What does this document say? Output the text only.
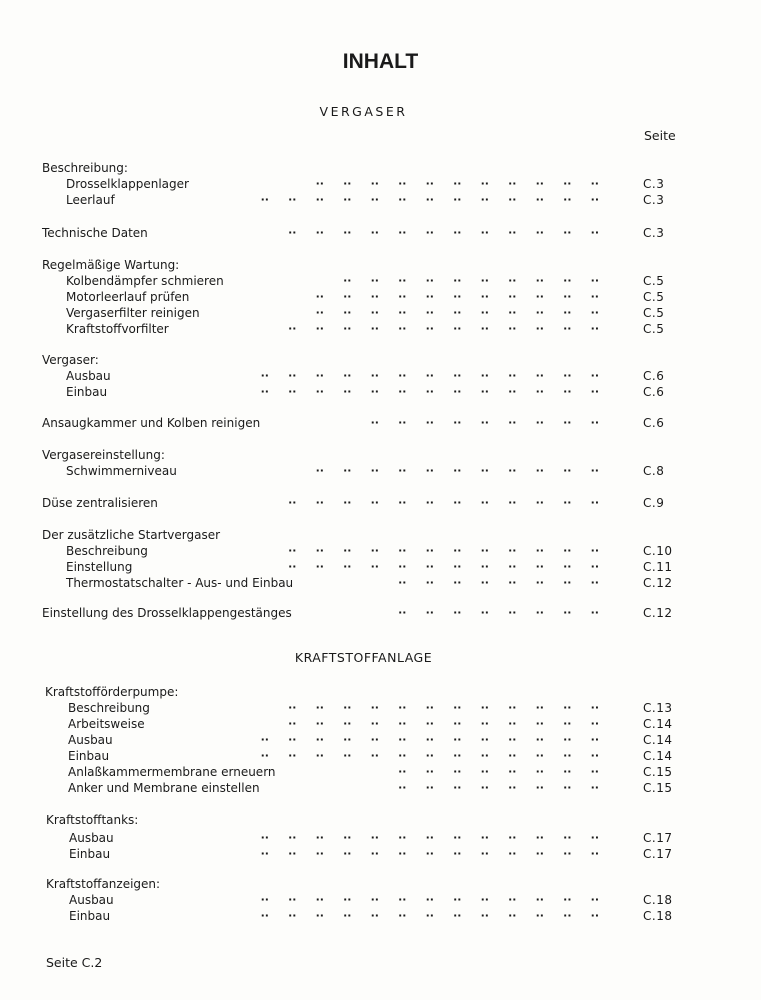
INHALT
VERGASER
Seite
Beschreibung:
Drosselklappenlager	··     ··     ··     ··     ··     ··     ··     ··     ··     ··     ··	C.3
Leerlauf	··     ··     ··     ··     ··     ··     ··     ··     ··     ··     ··     ··     ··	C.3
Technische Daten	··     ··     ··     ··     ··     ··     ··     ··     ··     ··     ··     ··	C.3
Regelmäßige Wartung:
Kolbendämpfer schmieren	··     ··     ··     ··     ··     ··     ··     ··     ··     ··	C.5
Motorleerlauf prüfen	··     ··     ··     ··     ··     ··     ··     ··     ··     ··     ··	C.5
Vergaserfilter reinigen	··     ··     ··     ··     ··     ··     ··     ··     ··     ··     ··	C.5
Kraftstoffvorfilter	··     ··     ··     ··     ··     ··     ··     ··     ··     ··     ··     ··	C.5
Vergaser:
Ausbau	··     ··     ··     ··     ··     ··     ··     ··     ··     ··     ··     ··     ··	C.6
Einbau	··     ··     ··     ··     ··     ··     ··     ··     ··     ··     ··     ··     ··	C.6
Ansaugkammer und Kolben reinigen	··     ··     ··     ··     ··     ··     ··     ··     ··	C.6
Vergasereinstellung:
Schwimmerniveau	··     ··     ··     ··     ··     ··     ··     ··     ··     ··     ··	C.8
Düse zentralisieren	··     ··     ··     ··     ··     ··     ··     ··     ··     ··     ··     ··	C.9
Der zusätzliche Startvergaser
Beschreibung	··     ··     ··     ··     ··     ··     ··     ··     ··     ··     ··     ··	C.10
Einstellung	··     ··     ··     ··     ··     ··     ··     ··     ··     ··     ··     ··	C.11
Thermostatschalter - Aus- und Einbau	··     ··     ··     ··     ··     ··     ··     ··	C.12
Einstellung des Drosselklappengestänges	··     ··     ··     ··     ··     ··     ··     ··	C.12
KRAFTSTOFFANLAGE
Kraftstofförderpumpe:
Beschreibung	··     ··     ··     ··     ··     ··     ··     ··     ··     ··     ··     ··	C.13
Arbeitsweise	··     ··     ··     ··     ··     ··     ··     ··     ··     ··     ··     ··	C.14
Ausbau	··     ··     ··     ··     ··     ··     ··     ··     ··     ··     ··     ··     ··	C.14
Einbau	··     ··     ··     ··     ··     ··     ··     ··     ··     ··     ··     ··     ··	C.14
Anlaßkammermembrane erneuern	··     ··     ··     ··     ··     ··     ··     ··	C.15
Anker und Membrane einstellen	··     ··     ··     ··     ··     ··     ··     ··	C.15
Kraftstofftanks:
Ausbau	··     ··     ··     ··     ··     ··     ··     ··     ··     ··     ··     ··     ··	C.17
Einbau	··     ··     ··     ··     ··     ··     ··     ··     ··     ··     ··     ··     ··	C.17
Kraftstoffanzeigen:
Ausbau	··     ··     ··     ··     ··     ··     ··     ··     ··     ··     ··     ··     ··	C.18
Einbau	··     ··     ··     ··     ··     ··     ··     ··     ··     ··     ··     ··     ··	C.18
Seite C.2
